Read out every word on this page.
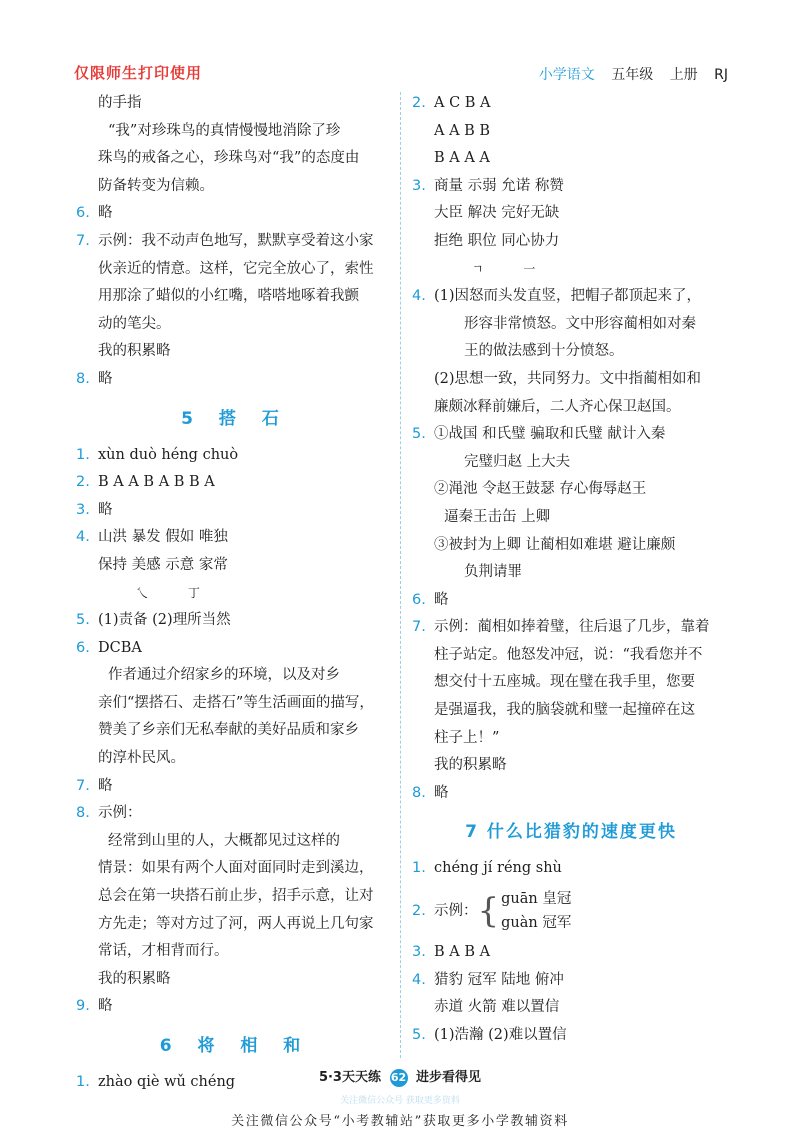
仅限师生打印使用	小学语文 五年级 上册 RJ
的手指
“我”对珍珠鸟的真情慢慢地消除了珍
珠鸟的戒备之心，珍珠鸟对“我”的态度由
防备转变为信赖。
6. 略
7. 示例：我不动声色地写，默默享受着这小家
伙亲近的情意。这样，它完全放心了，索性
用那涂了蜡似的小红嘴，嗒嗒地啄着我颤
动的笔尖。
我的积累略
8. 略
5 搭 石
1. xùn duò héng chuò
2. B A A B A B B A
3. 略
4. 山洪 暴发 假如 唯独
保持 美感 示意 家常
乀 丁
5. (1)责备 (2)理所当然
6. DCBA
作者通过介绍家乡的环境，以及对乡
亲们“摆搭石、走搭石”等生活画面的描写，
赞美了乡亲们无私奉献的美好品质和家乡
的淳朴民风。
7. 略
8. 示例：
经常到山里的人，大概都见过这样的
情景：如果有两个人面对面同时走到溪边，
总会在第一块搭石前止步，招手示意，让对
方先走；等对方过了河，两人再说上几句家
常话，才相背而行。
我的积累略
9. 略
6 将 相 和
1. zhào qiè wǔ chéng
2. A C B A
A A B B
B A A A
3. 商量 示弱 允诺 称赞
大臣 解决 完好无缺
拒绝 职位 同心协力
ㄱ 一
4. (1)因怒而头发直竖，把帽子都顶起来了，
形容非常愤怒。文中形容蔺相如对秦
王的做法感到十分愤怒。
(2)思想一致，共同努力。文中指蔺相如和
廉颇冰释前嫌后，二人齐心保卫赵国。
5. ①战国 和氏璧 骗取和氏璧 献计入秦
完璧归赵 上大夫
②渑池 令赵王鼓瑟 存心侮辱赵王
逼秦王击缶 上卿
③被封为上卿 让蔺相如难堪 避让廉颇
负荆请罪
6. 略
7. 示例：蔺相如捧着璧，往后退了几步，靠着
柱子站定。他怒发冲冠，说：“我看您并不
想交付十五座城。现在璧在我手里，您要
是强逼我，我的脑袋就和璧一起撞碎在这
柱子上！”
我的积累略
8. 略
7 什么比猎豹的速度更快
1. chéng jí réng shù
2. 示例：{ guān 皇冠
guàn 冠军
3. B A B A
4. 猎豹 冠军 陆地 俯冲
赤道 火箭 难以置信
5. (1)浩瀚 (2)难以置信
5·3天天练 62 进步看得见
关注微信公众号 获取更多资料
关注微信公众号“小考教辅站”获取更多小学教辅资料
